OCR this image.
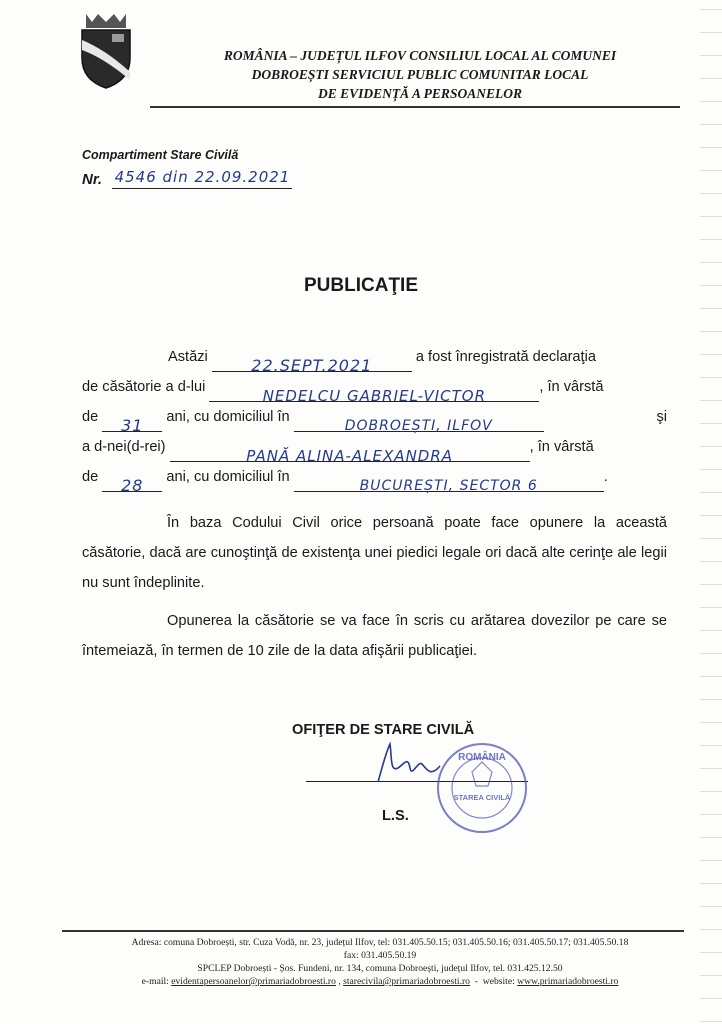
ROMÂNIA – JUDEȚUL ILFOV CONSILIUL LOCAL AL COMUNEI
DOBROEȘTI SERVICIUL PUBLIC COMUNITAR LOCAL
DE EVIDENȚĂ A PERSOANELOR
Compartiment Stare Civilă
Nr. 4546 din 22.09.2021
PUBLICAŢIE
Astăzi	22.SEPT.2021	a fost înregistrată declaraţia
de căsătorie a d-lui	NEDELCU GABRIEL-VICTOR	, în vârstă
de 31 ani, cu domiciliul în DOBROEȘTI, ILFOV
şi
a d-nei(d-rei)	PANĂ ALINA-ALEXANDRA	, în vârstă
de 28 ani, cu domiciliul în BUCUREȘTI, SECTOR 6.
În baza Codului Civil orice persoană poate face opunere la această căsătorie, dacă are cunoştinţă de existenţa unei piedici legale ori dacă alte cerinţe ale legii nu sunt îndeplinite.
Opunerea la căsătorie se va face în scris cu arătarea dovezilor pe care se întemeiază, în termen de 10 zile de la data afişării publicaţiei.
OFIŢER DE STARE CIVILĂ
ROMÂNIA
STAREA CIVILĂ
L.S.
Adresa: comuna Dobroești, str. Cuza Vodă, nr. 23, județul Ilfov, tel: 031.405.50.15; 031.405.50.16; 031.405.50.17; 031.405.50.18
fax: 031.405.50.19
SPCLEP Dobroești - Șos. Fundeni, nr. 134, comuna Dobroești, județul Ilfov, tel. 031.425.12.50
e-mail: evidentapersoanelor@primariadobroesti.ro , starecivila@primariadobroesti.ro  -  website: www.primariadobroesti.ro
